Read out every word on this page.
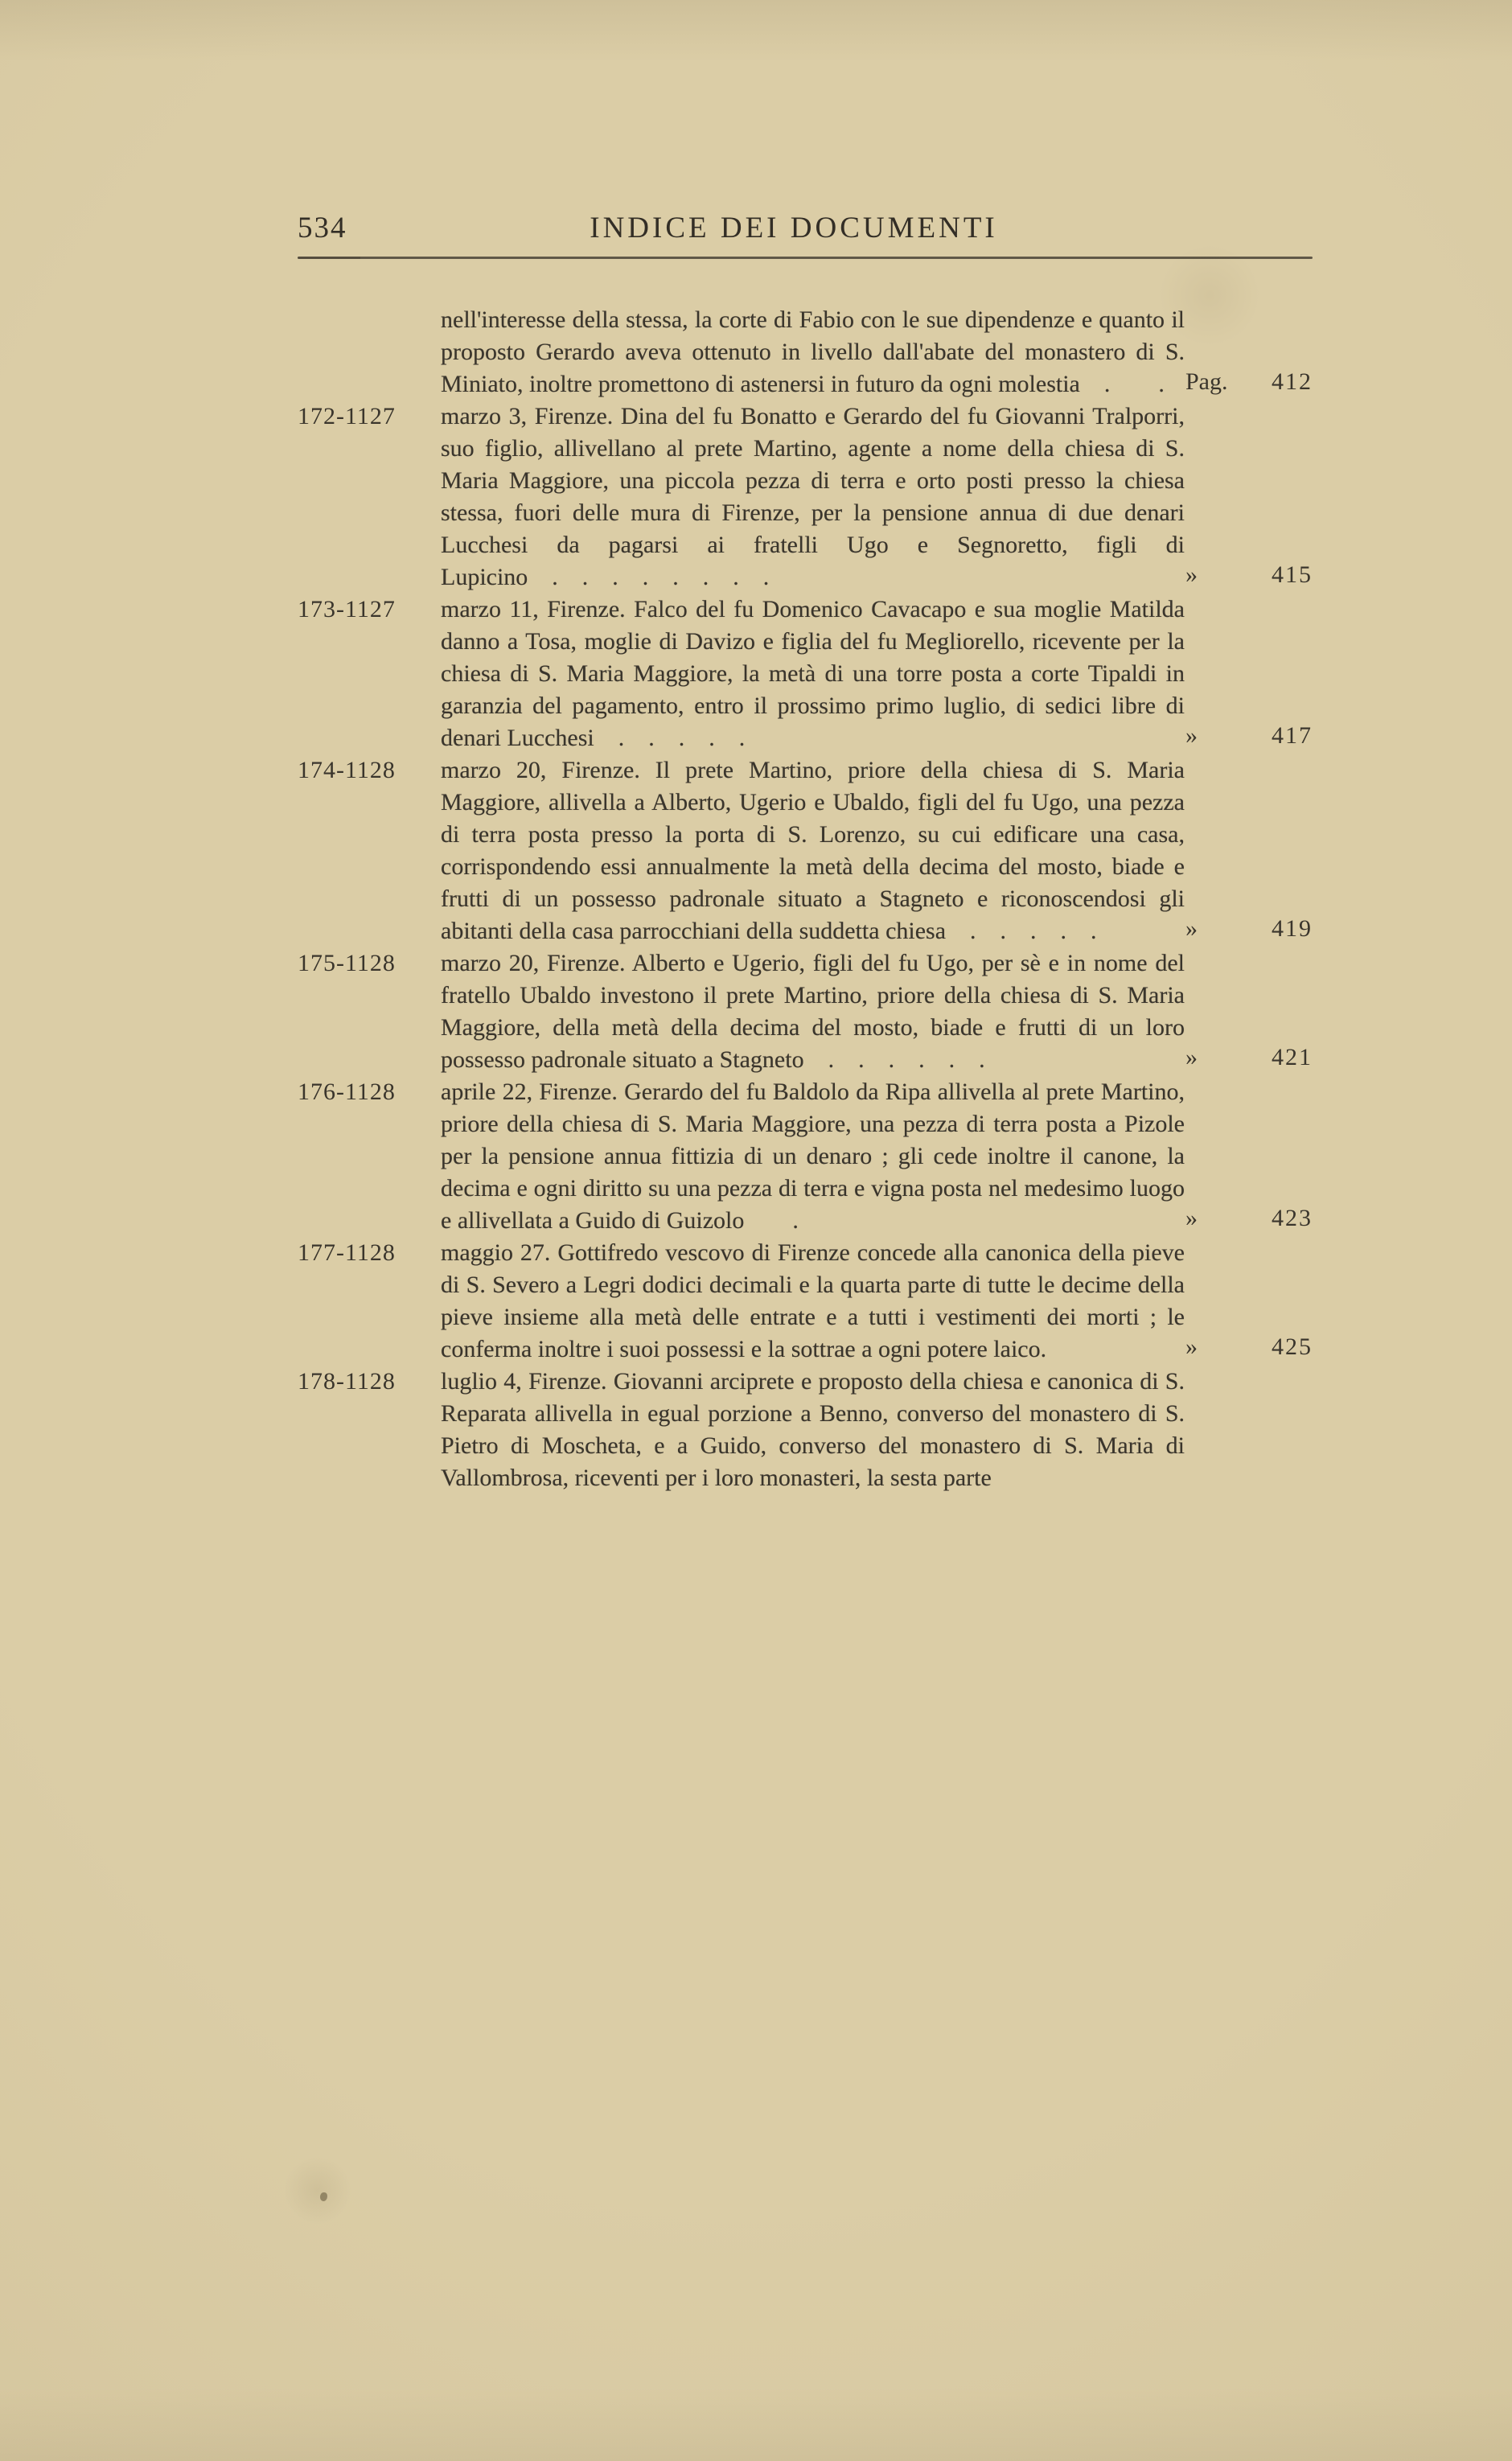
534	INDICE DEI DOCUMENTI
nell'interesse della stessa, la corte di Fabio con le sue dipendenze e quanto il proposto Gerardo aveva ottenuto in livello dall'abate del monastero di S. Miniato, inoltre promettono di astenersi in futuro da ogni molestia .  . Pag. 412
172-1127	marzo 3, Firenze. Dina del fu Bonatto e Gerardo del fu Giovanni Tralporri, suo figlio, allivellano al prete Martino, agente a nome della chiesa di S. Maria Maggiore, una piccola pezza di terra e orto posti presso la chiesa stessa, fuori delle mura di Firenze, per la pensione annua di due denari Lucchesi da pagarsi ai fratelli Ugo e Segnoretto, figli di Lupicino . . . . . . . .	»	415
173-1127	marzo 11, Firenze. Falco del fu Domenico Cavacapo e sua moglie Matilda danno a Tosa, moglie di Davizo e figlia del fu Megliorello, ricevente per la chiesa di S. Maria Maggiore, la metà di una torre posta a corte Tipaldi in garanzia del pagamento, entro il prossimo primo luglio, di sedici libre di denari Lucchesi . . . . .	»	417
174-1128	marzo 20, Firenze. Il prete Martino, priore della chiesa di S. Maria Maggiore, allivella a Alberto, Ugerio e Ubaldo, figli del fu Ugo, una pezza di terra posta presso la porta di S. Lorenzo, su cui edificare una casa, corrispondendo essi annualmente la metà della decima del mosto, biade e frutti di un possesso padronale situato a Stagneto e riconoscendosi gli abitanti della casa parrocchiani della suddetta chiesa . . . . .	»	419
175-1128	marzo 20, Firenze. Alberto e Ugerio, figli del fu Ugo, per sè e in nome del fratello Ubaldo investono il prete Martino, priore della chiesa di S. Maria Maggiore, della metà della decima del mosto, biade e frutti di un loro possesso padronale situato a Stagneto . . . . . .	»	421
176-1128	aprile 22, Firenze. Gerardo del fu Baldolo da Ripa allivella al prete Martino, priore della chiesa di S. Maria Maggiore, una pezza di terra posta a Pizole per la pensione annua fittizia di un denaro ; gli cede inoltre il canone, la decima e ogni diritto su una pezza di terra e vigna posta nel medesimo luogo e allivellata a Guido di Guizolo  .	»	423
177-1128	maggio 27. Gottifredo vescovo di Firenze concede alla canonica della pieve di S. Severo a Legri dodici decimali e la quarta parte di tutte le decime della pieve insieme alla metà delle entrate e a tutti i vestimenti dei morti ; le conferma inoltre i suoi possessi e la sottrae a ogni potere laico.	»	425
178-1128	luglio 4, Firenze. Giovanni arciprete e proposto della chiesa e canonica di S. Reparata allivella in egual porzione a Benno, converso del monastero di S. Pietro di Moscheta, e a Guido, converso del monastero di S. Maria di Vallombrosa, riceventi per i loro monasteri, la sesta parte
